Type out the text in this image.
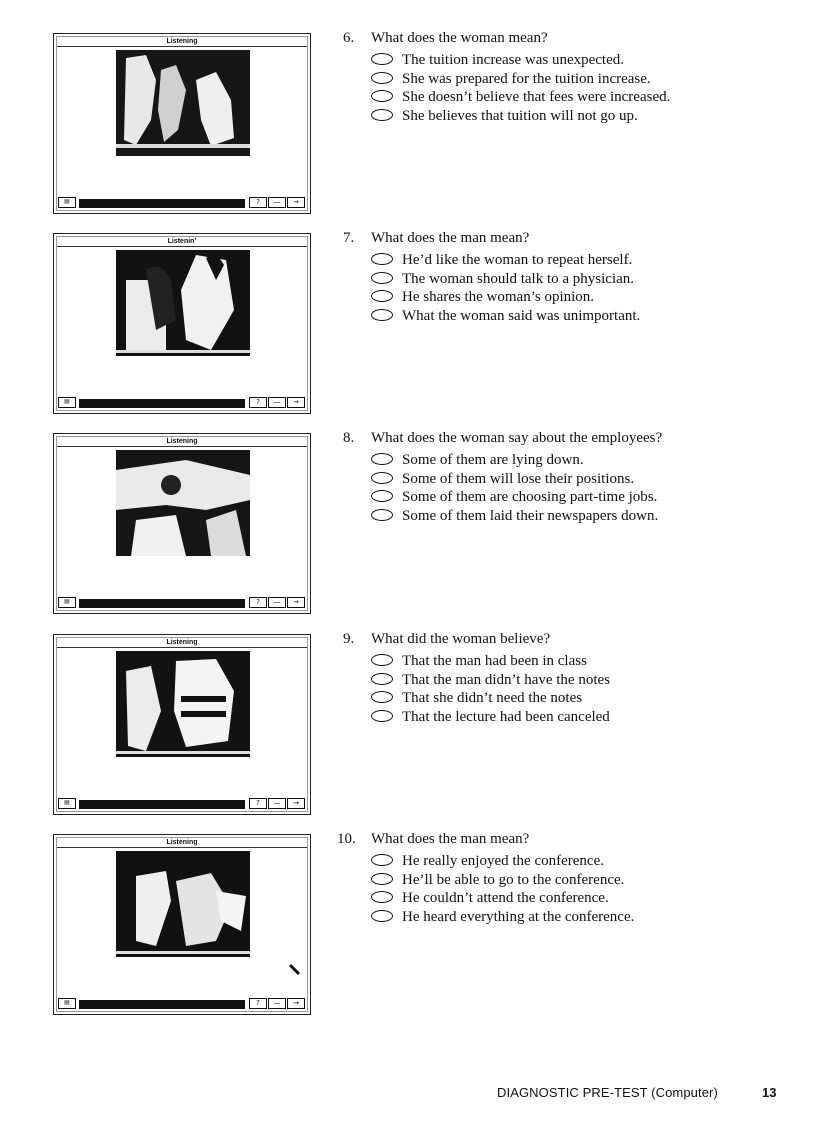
Listening
▤	?	—	→
6. What does the woman mean?
The tuition increase was unexpected.
She was prepared for the tuition increase.
She doesn’t believe that fees were increased.
She believes that tuition will not go up.
Listeninʼ
▤	?	—	→
7. What does the man mean?
He’d like the woman to repeat herself.
The woman should talk to a physician.
He shares the woman’s opinion.
What the woman said was unimportant.
Listening
▤	?	—	→
8. What does the woman say about the employees?
Some of them are lying down.
Some of them will lose their positions.
Some of them are choosing part-time jobs.
Some of them laid their newspapers down.
Listening
▤	?	—	→
9. What did the woman believe?
That the man had been in class
That the man didn’t have the notes
That she didn’t need the notes
That the lecture had been canceled
Listening
▤	?	—	→
10. What does the man mean?
He really enjoyed the conference.
He’ll be able to go to the conference.
He couldn’t attend the conference.
He heard everything at the conference.
DIAGNOSTIC PRE-TEST (Computer)	13
